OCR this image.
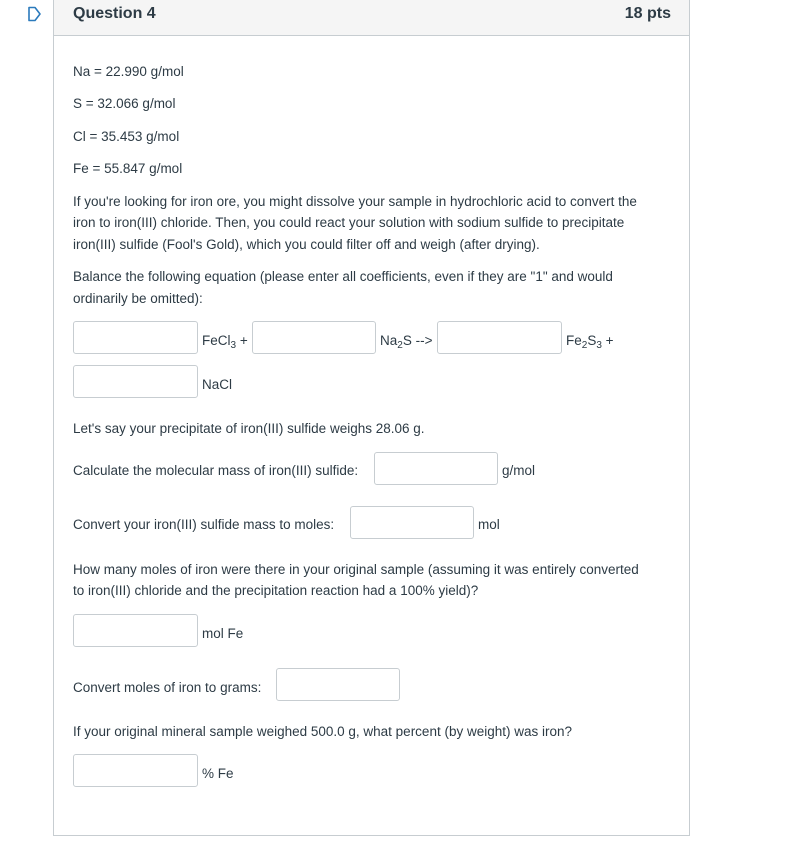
Question 4	18 pts
Na = 22.990 g/mol
S = 32.066 g/mol
Cl = 35.453 g/mol
Fe = 55.847 g/mol
If you're looking for iron ore, you might dissolve your sample in hydrochloric acid to convert the
iron to iron(III) chloride. Then, you could react your solution with sodium sulfide to precipitate
iron(III) sulfide (Fool's Gold), which you could filter off and weigh (after drying).
Balance the following equation (please enter all coefficients, even if they are "1" and would
ordinarily be omitted):
FeCl$_3$ +	$Na_2S$ -->	$Fe_2S_3$ +
NaCl
Let's say your precipitate of iron(III) sulfide weighs 28.06 g.
Calculate the molecular mass of iron(III) sulfide:	g/mol
Convert your iron(III) sulfide mass to moles:	mol
How many moles of iron were there in your original sample (assuming it was entirely converted
to iron(III) chloride and the precipitation reaction had a 100% yield)?
mol Fe
Convert moles of iron to grams:
If your original mineral sample weighed 500.0 g, what percent (by weight) was iron?
% Fe
